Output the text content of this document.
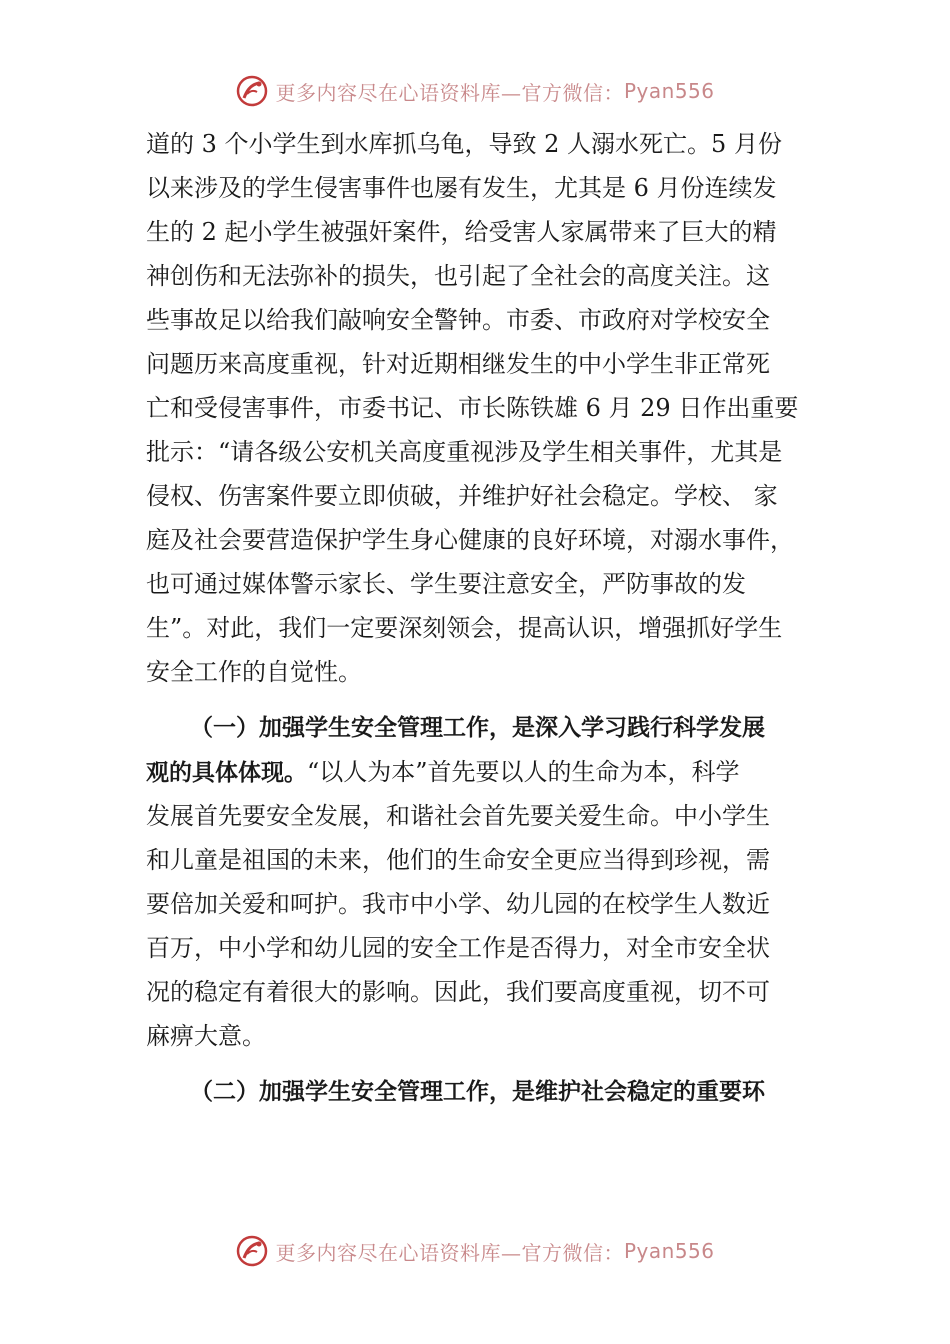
更多内容尽在心语资料库—官方微信： Pyan556
道的 3 个小学生到水库抓乌龟，导致 2 人溺水死亡。5 月份
以来涉及的学生侵害事件也屡有发生，尤其是 6 月份连续发
生的 2 起小学生被强奸案件，给受害人家属带来了巨大的精
神创伤和无法弥补的损失，也引起了全社会的高度关注。这
些事故足以给我们敲响安全警钟。市委、市政府对学校安全
问题历来高度重视，针对近期相继发生的中小学生非正常死
亡和受侵害事件，市委书记、市长陈铁雄 6 月 29 日作出重要
批示：“请各级公安机关高度重视涉及学生相关事件，尤其是
侵权、伤害案件要立即侦破，并维护好社会稳定。学校、 家
庭及社会要营造保护学生身心健康的良好环境，对溺水事件，
也可通过媒体警示家长、学生要注意安全，严防事故的发
生”。对此，我们一定要深刻领会，提高认识，增强抓好学生
安全工作的自觉性。
（一）加强学生安全管理工作，是深入学习践行科学发展
观的具体体现。“以人为本”首先要以人的生命为本，科学
发展首先要安全发展，和谐社会首先要关爱生命。中小学生
和儿童是祖国的未来，他们的生命安全更应当得到珍视，需
要倍加关爱和呵护。我市中小学、幼儿园的在校学生人数近
百万，中小学和幼儿园的安全工作是否得力，对全市安全状
况的稳定有着很大的影响。因此，我们要高度重视，切不可
麻痹大意。
（二）加强学生安全管理工作，是维护社会稳定的重要环
更多内容尽在心语资料库—官方微信： Pyan556
